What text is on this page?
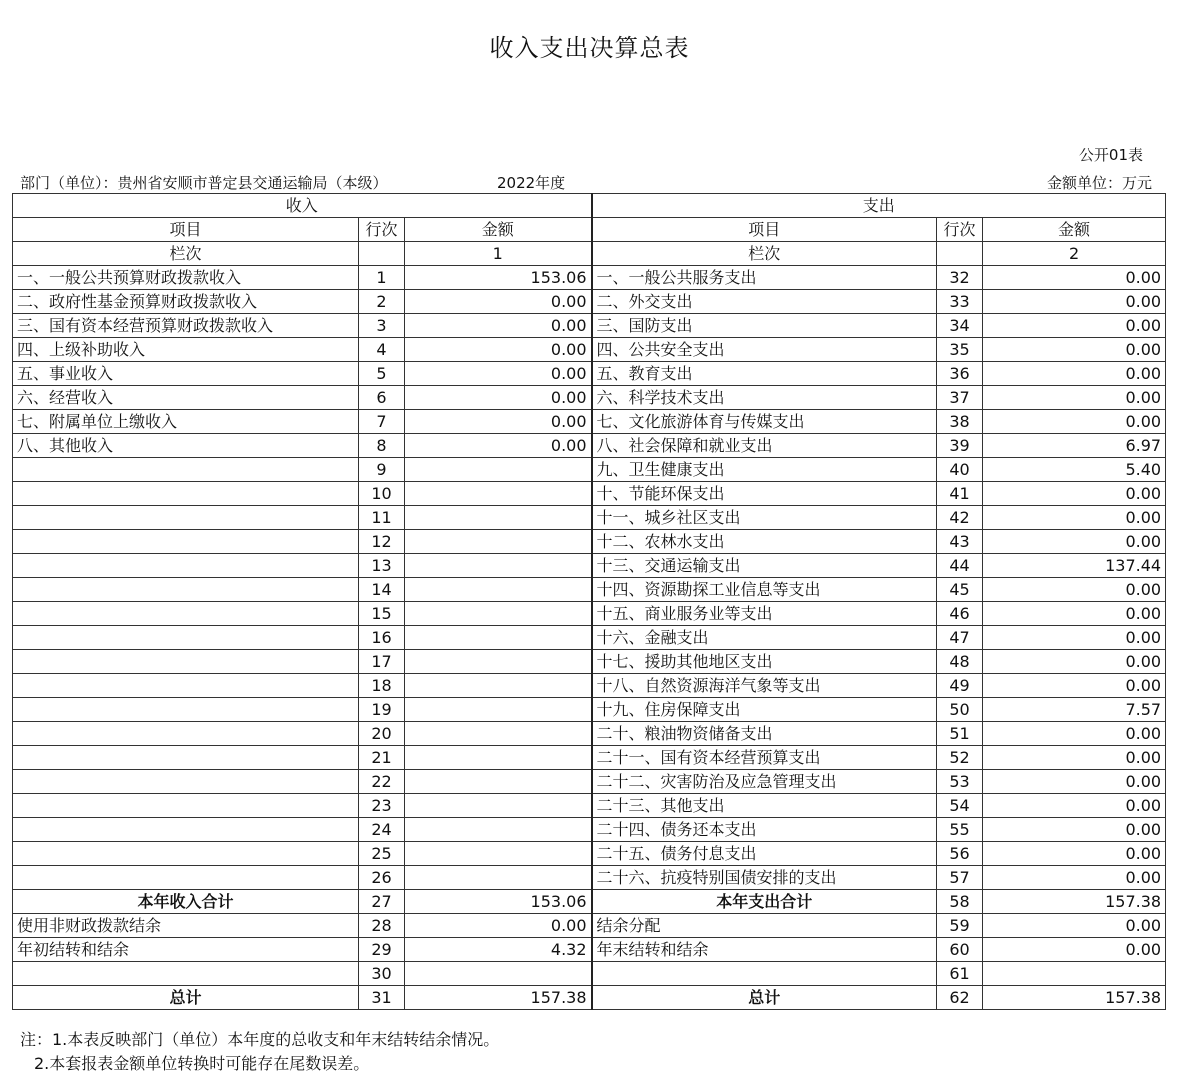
收入支出决算总表
公开01表
部门（单位）：贵州省安顺市普定县交通运输局（本级）	2022年度	金额单位：万元
收入			支出		
项目	行次	金额	项目	行次	金额
栏次		1	栏次		2
一、一般公共预算财政拨款收入	1	153.06	一、一般公共服务支出	32	0.00
二、政府性基金预算财政拨款收入	2	0.00	二、外交支出	33	0.00
三、国有资本经营预算财政拨款收入	3	0.00	三、国防支出	34	0.00
四、上级补助收入	4	0.00	四、公共安全支出	35	0.00
五、事业收入	5	0.00	五、教育支出	36	0.00
六、经营收入	6	0.00	六、科学技术支出	37	0.00
七、附属单位上缴收入	7	0.00	七、文化旅游体育与传媒支出	38	0.00
八、其他收入	8	0.00	八、社会保障和就业支出	39	6.97
	9		九、卫生健康支出	40	5.40
	10		十、节能环保支出	41	0.00
	11		十一、城乡社区支出	42	0.00
	12		十二、农林水支出	43	0.00
	13		十三、交通运输支出	44	137.44
	14		十四、资源勘探工业信息等支出	45	0.00
	15		十五、商业服务业等支出	46	0.00
	16		十六、金融支出	47	0.00
	17		十七、援助其他地区支出	48	0.00
	18		十八、自然资源海洋气象等支出	49	0.00
	19		十九、住房保障支出	50	7.57
	20		二十、粮油物资储备支出	51	0.00
	21		二十一、国有资本经营预算支出	52	0.00
	22		二十二、灾害防治及应急管理支出	53	0.00
	23		二十三、其他支出	54	0.00
	24		二十四、债务还本支出	55	0.00
	25		二十五、债务付息支出	56	0.00
	26		二十六、抗疫特别国债安排的支出	57	0.00
本年收入合计	27	153.06	本年支出合计	58	157.38
使用非财政拨款结余	28	0.00	结余分配	59	0.00
年初结转和结余	29	4.32	年末结转和结余	60	0.00
	30			61	
总计	31	157.38	总计	62	157.38
注：1.本表反映部门（单位）本年度的总收支和年末结转结余情况。
2.本套报表金额单位转换时可能存在尾数误差。
